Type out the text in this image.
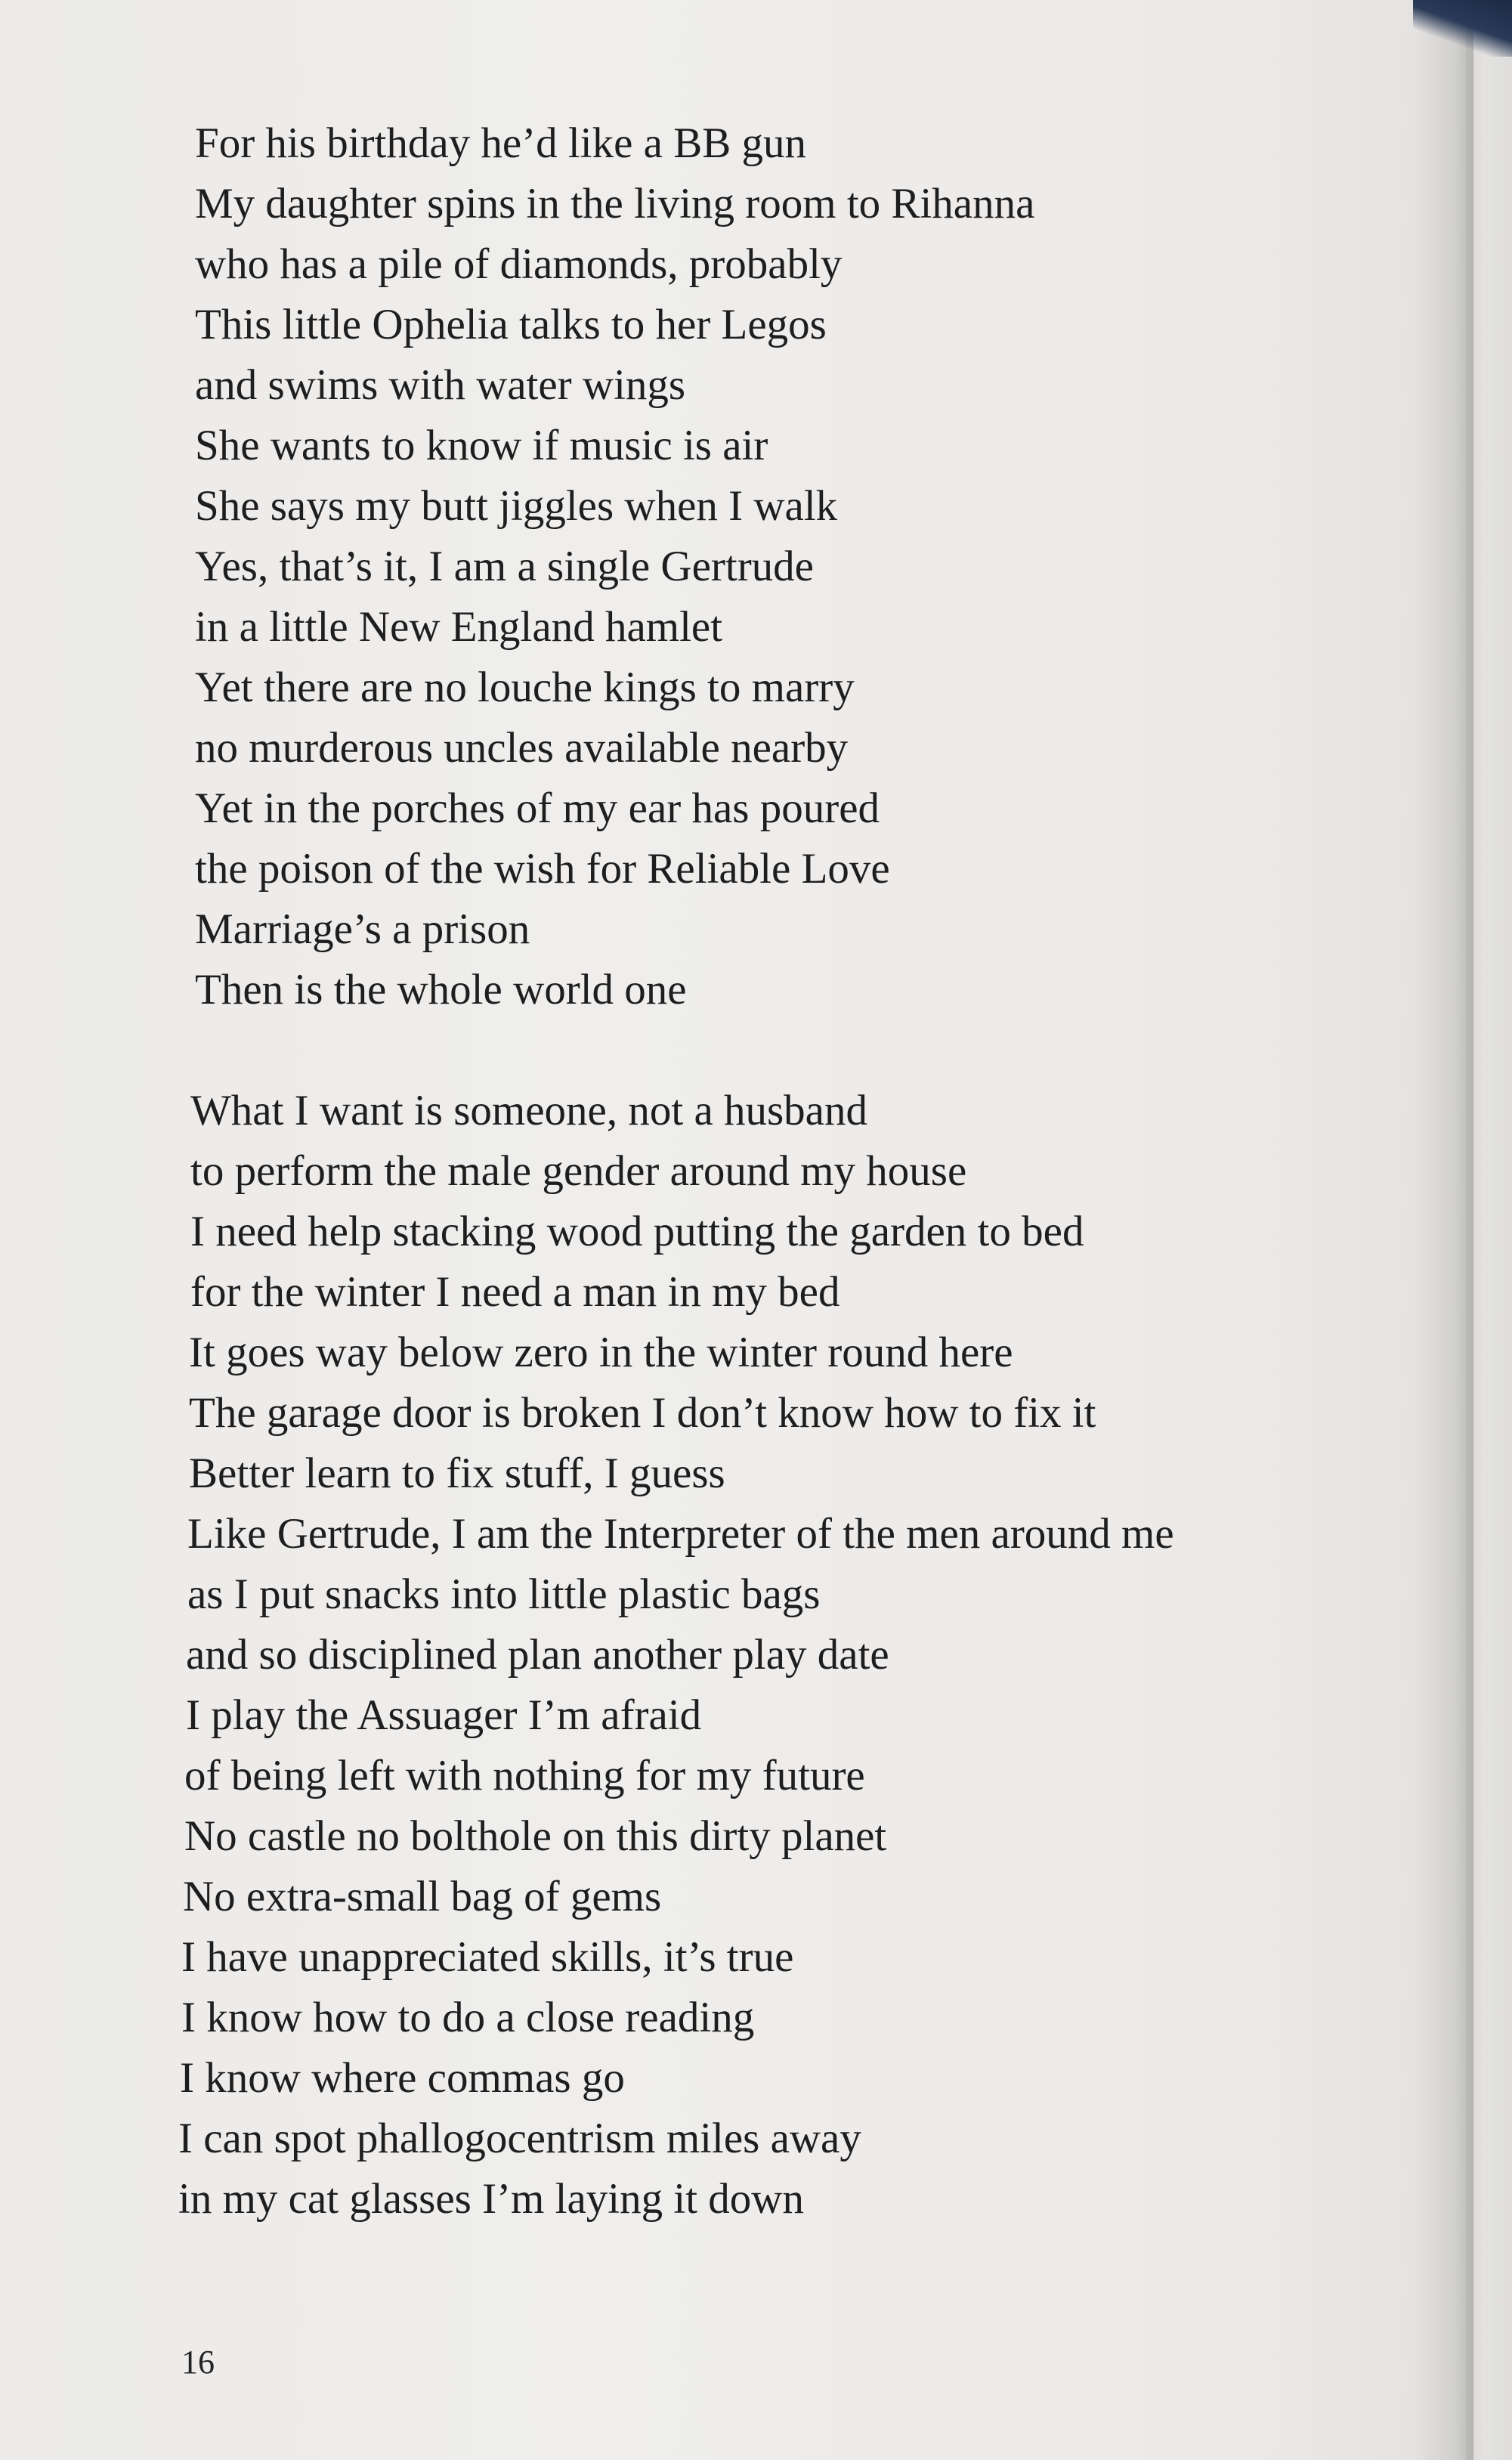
For his birthday he’d like a BB gun
My daughter spins in the living room to Rihanna
who has a pile of diamonds, probably
This little Ophelia talks to her Legos
and swims with water wings
She wants to know if music is air
She says my butt jiggles when I walk
Yes, that’s it, I am a single Gertrude
in a little New England hamlet
Yet there are no louche kings to marry
no murderous uncles available nearby
Yet in the porches of my ear has poured
the poison of the wish for Reliable Love
Marriage’s a prison
Then is the whole world one
What I want is someone, not a husband
to perform the male gender around my house
I need help stacking wood putting the garden to bed
for the winter I need a man in my bed
It goes way below zero in the winter round here
The garage door is broken I don’t know how to fix it
Better learn to fix stuff, I guess
Like Gertrude, I am the Interpreter of the men around me
as I put snacks into little plastic bags
and so disciplined plan another play date
I play the Assuager I’m afraid
of being left with nothing for my future
No castle no bolthole on this dirty planet
No extra-small bag of gems
I have unappreciated skills, it’s true
I know how to do a close reading
I know where commas go
I can spot phallogocentrism miles away
in my cat glasses I’m laying it down
16
